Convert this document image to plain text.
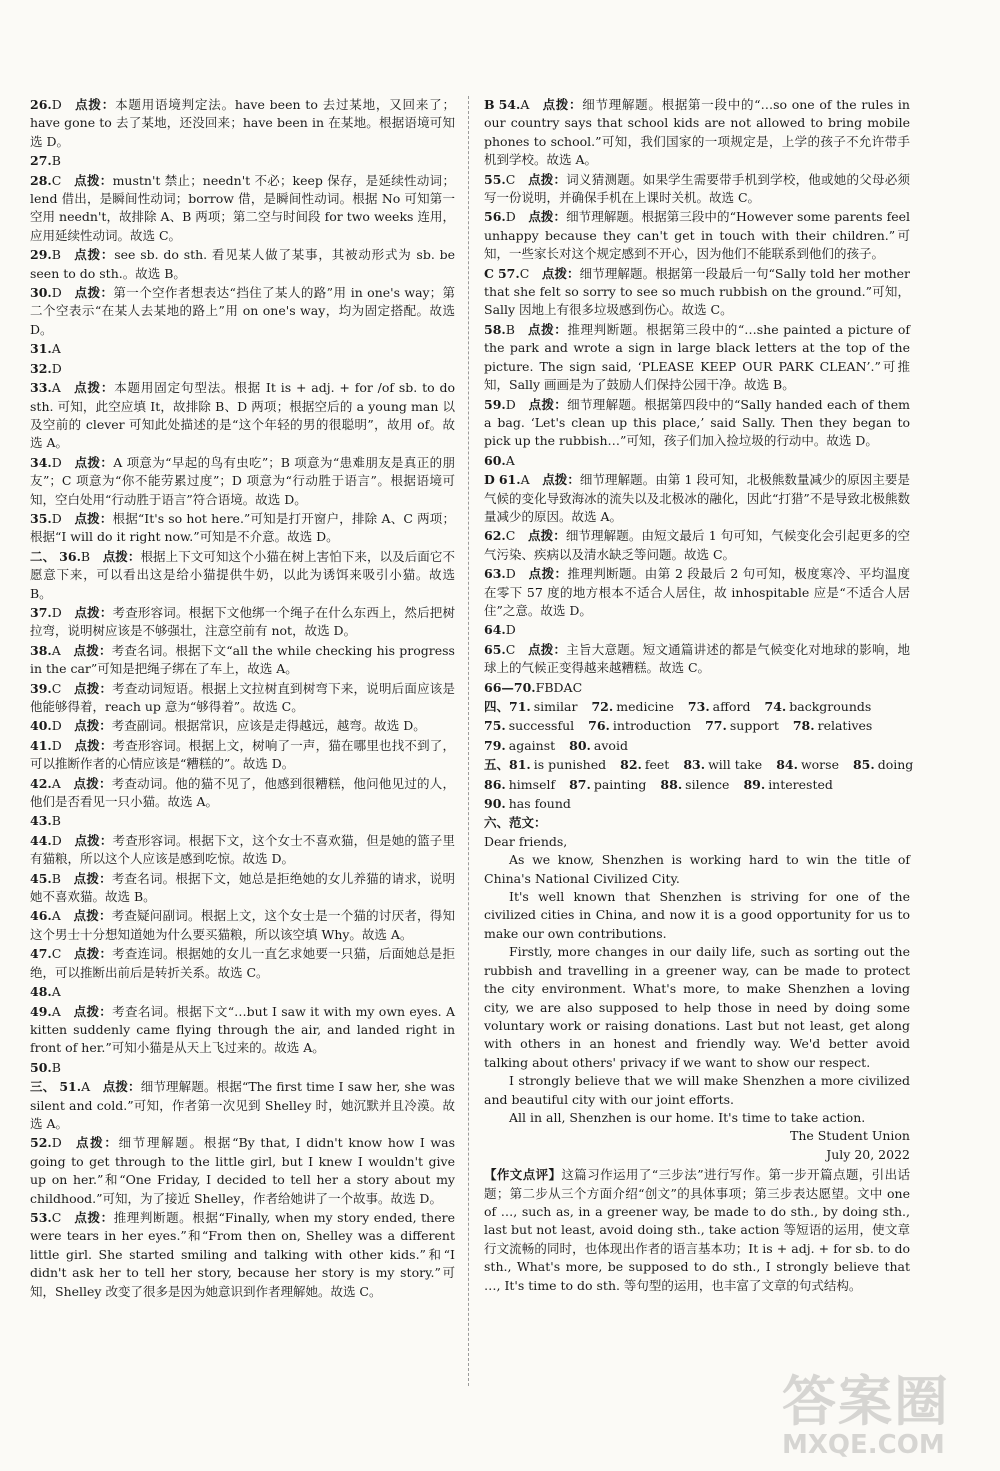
26.D  点拨：本题用语境判定法。have been to 去过某地，又回来了；have gone to 去了某地，还没回来；have been in 在某地。根据语境可知选 D。
27.B
28.C  点拨：mustn't 禁止；needn't 不必；keep 保存，是延续性动词；lend 借出，是瞬间性动词；borrow 借，是瞬间性动词。根据 No 可知第一空用 needn't，故排除 A、B 两项；第二空与时间段 for two weeks 连用，应用延续性动词。故选 C。
29.B  点拨：see sb. do sth. 看见某人做了某事，其被动形式为 sb. be seen to do sth.。故选 B。
30.D  点拨：第一个空作者想表达“挡住了某人的路”用 in one's way；第二个空表示“在某人去某地的路上”用 on one's way，均为固定搭配。故选 D。
31.A
32.D
33.A  点拨：本题用固定句型法。根据 It is + adj. + for /of sb. to do sth. 可知，此空应填 It，故排除 B、D 两项；根据空后的 a young man 以及空前的 clever 可知此处描述的是“这个年轻的男的很聪明”，故用 of。故选 A。
34.D  点拨：A 项意为“早起的鸟有虫吃”；B 项意为“患难朋友是真正的朋友”；C 项意为“你不能劳累过度”；D 项意为“行动胜于语言”。根据语境可知，空白处用“行动胜于语言”符合语境。故选 D。
35.D  点拨：根据“It's so hot here.”可知是打开窗户，排除 A、C 两项；根据“I will do it right now.”可知是不介意。故选 D。
二、 36.B  点拨：根据上下文可知这个小猫在树上害怕下来，以及后面它不愿意下来，可以看出这是给小猫提供牛奶，以此为诱饵来吸引小猫。故选 B。
37.D  点拨：考查形容词。根据下文他绑一个绳子在什么东西上，然后把树拉弯，说明树应该是不够强壮，注意空前有 not，故选 D。
38.A  点拨：考查名词。根据下文“all the while checking his progress in the car”可知是把绳子绑在了车上，故选 A。
39.C  点拨：考查动词短语。根据上文拉树直到树弯下来，说明后面应该是他能够得着，reach up 意为“够得着”。故选 C。
40.D  点拨：考查副词。根据常识，应该是走得越远，越弯。故选 D。
41.D  点拨：考查形容词。根据上文，树响了一声，猫在哪里也找不到了，可以推断作者的心情应该是“糟糕的”。故选 D。
42.A  点拨：考查动词。他的猫不见了，他感到很糟糕，他问他见过的人，他们是否看见一只小猫。故选 A。
43.B
44.D  点拨：考查形容词。根据下文，这个女士不喜欢猫，但是她的篮子里有猫粮，所以这个人应该是感到吃惊。故选 D。
45.B  点拨：考查名词。根据下文，她总是拒绝她的女儿养猫的请求，说明她不喜欢猫。故选 B。
46.A  点拨：考查疑问副词。根据上文，这个女士是一个猫的讨厌者，得知这个男士十分想知道她为什么要买猫粮，所以该空填 Why。故选 A。
47.C  点拨：考查连词。根据她的女儿一直乞求她要一只猫，后面她总是拒绝，可以推断出前后是转折关系。故选 C。
48.A
49.A  点拨：考查名词。根据下文“…but I saw it with my own eyes. A kitten suddenly came flying through the air, and landed right in front of her.”可知小猫是从天上飞过来的。故选 A。
50.B
三、 51.A  点拨：细节理解题。根据“The first time I saw her, she was silent and cold.”可知，作者第一次见到 Shelley 时，她沉默并且冷漠。故选 A。
52.D  点拨：细节理解题。根据“By that, I didn't know how I was going to get through to the little girl, but I knew I wouldn't give up on her.”和“One Friday, I decided to tell her a story about my childhood.”可知，为了接近 Shelley，作者给她讲了一个故事。故选 D。
53.C  点拨：推理判断题。根据“Finally, when my story ended, there were tears in her eyes.”和“From then on, Shelley was a different little girl. She started smiling and talking with other kids.”和“I didn't ask her to tell her story, because her story is my story.”可知，Shelley 改变了很多是因为她意识到作者理解她。故选 C。
B 54.A  点拨：细节理解题。根据第一段中的“…so one of the rules in our country says that school kids are not allowed to bring mobile phones to school.”可知，我们国家的一项规定是，上学的孩子不允许带手机到学校。故选 A。
55.C  点拨：词义猜测题。如果学生需要带手机到学校，他或她的父母必须写一份说明，并确保手机在上课时关机。故选 C。
56.D  点拨：细节理解题。根据第三段中的“However some parents feel unhappy because they can't get in touch with their children.”可知，一些家长对这个规定感到不开心，因为他们不能联系到他们的孩子。
C 57.C  点拨：细节理解题。根据第一段最后一句“Sally told her mother that she felt so sorry to see so much rubbish on the ground.”可知，Sally 因地上有很多垃圾感到伤心。故选 C。
58.B  点拨：推理判断题。根据第三段中的“…she painted a picture of the park and wrote a sign in large black letters at the top of the picture. The sign said, ‘PLEASE KEEP OUR PARK CLEAN’.”可推知，Sally 画画是为了鼓励人们保持公园干净。故选 B。
59.D  点拨：细节理解题。根据第四段中的“Sally handed each of them a bag. ‘Let's clean up this place,’ said Sally. Then they began to pick up the rubbish…”可知，孩子们加入捡垃圾的行动中。故选 D。
60.A
D 61.A  点拨：细节理解题。由第 1 段可知，北极熊数量减少的原因主要是气候的变化导致海冰的流失以及北极冰的融化，因此“打猎”不是导致北极熊数量减少的原因。故选 A。
62.C  点拨：细节理解题。由短文最后 1 句可知，气候变化会引起更多的空气污染、疾病以及清水缺乏等问题。故选 C。
63.D  点拨：推理判断题。由第 2 段最后 2 句可知，极度寒冷、平均温度在零下 57 度的地方根本不适合人居住，故 inhospitable 应是“不适合人居住”之意。故选 D。
64.D
65.C  点拨：主旨大意题。短文通篇讲述的都是气候变化对地球的影响，地球上的气候正变得越来越糟糕。故选 C。
66—70.FBDAC
四、71. similar 72. medicine 73. afford 74. backgrounds
75. successful 76. introduction 77. support 78. relatives
79. against 80. avoid
五、81. is punished 82. feet 83. will take 84. worse 85. doing
86. himself 87. painting 88. silence 89. interested
90. has found
六、范文：

Dear friends,

As we know, Shenzhen is working hard to win the title of China's National Civilized City.

It's well known that Shenzhen is striving for one of the civilized cities in China, and now it is a good opportunity for us to make our own contributions.

Firstly, more changes in our daily life, such as sorting out the rubbish and travelling in a greener way, can be made to protect the city environment. What's more, to make Shenzhen a loving city, we are also supposed to help those in need by doing some voluntary work or raising donations. Last but not least, get along with others in an honest and friendly way. We'd better avoid talking about others' privacy if we want to show our respect.

I strongly believe that we will make Shenzhen a more civilized and beautiful city with our joint efforts.

All in all, Shenzhen is our home. It's time to take action.

The Student Union

July 20, 2022

【作文点评】这篇习作运用了“三步法”进行写作。第一步开篇点题，引出话题；第二步从三个方面介绍“创文”的具体事项；第三步表达愿望。文中 one of …, such as, in a greener way, be made to do sth., by doing sth., last but not least, avoid doing sth., take action 等短语的运用，使文章行文流畅的同时，也体现出作者的语言基本功；It is + adj. + for sb. to do sth., What's more, be supposed to do sth., I strongly believe that …, It's time to do sth. 等句型的运用，也丰富了文章的句式结构。
答案圈
MXQE.COM
